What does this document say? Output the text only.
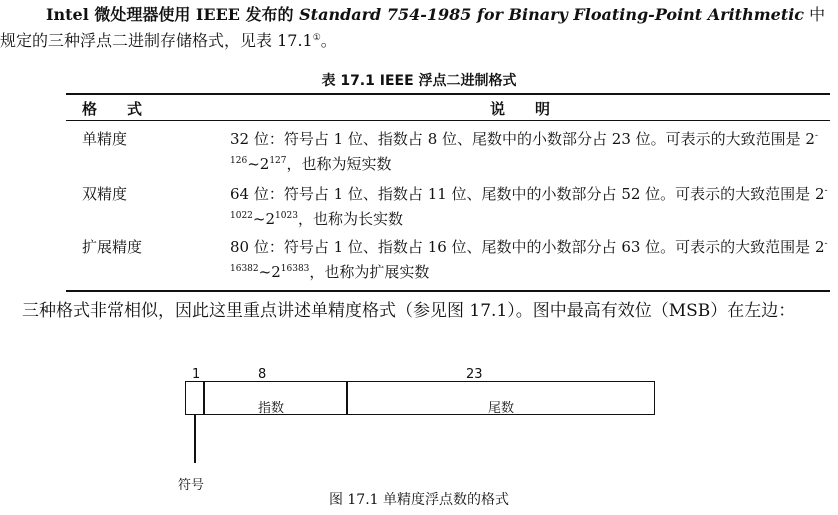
Intel 微处理器使用 IEEE 发布的 Standard 754-1985 for Binary Floating-Point Arithmetic 中规定的三种浮点二进制存储格式，见表 17.1①。
表 17.1 IEEE 浮点二进制格式
格式	说明
单精度	32 位：符号占 1 位、指数占 8 位、尾数中的小数部分占 23 位。可表示的大致范围是 $2^{-126}\sim 2^{127}$，也称为短实数
双精度	64 位：符号占 1 位、指数占 11 位、尾数中的小数部分占 52 位。可表示的大致范围是 $2^{-1022}\sim 2^{1023}$，也称为长实数
扩展精度	80 位：符号占 1 位、指数占 16 位、尾数中的小数部分占 63 位。可表示的大致范围是 $2^{-16382}\sim 2^{16383}$，也称为扩展实数
三种格式非常相似，因此这里重点讲述单精度格式（参见图 17.1）。图中最高有效位（MSB）在左边：
1	8	23
指数	尾数
符号
图 17.1 单精度浮点数的格式
